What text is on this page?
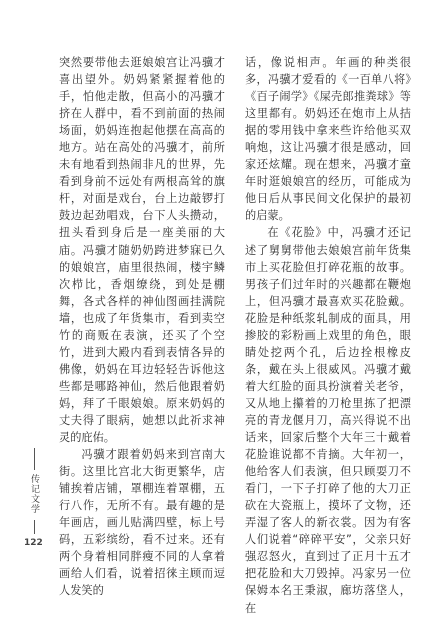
突然要带他去逛娘娘宫让冯骥才喜出望外。奶妈紧紧握着他的手，怕他走散，但高小的冯骥才挤在人群中，看不到前面的热闹场面，奶妈连抱起他摆在高高的地方。站在高处的冯骥才，前所未有地看到热闹非凡的世界，先看到身前不远处有两根高耸的旗杆，对面是戏台，台上边敲锣打鼓边起劲唱戏，台下人头攒动，扭头看到身后是一座美丽的大庙。冯骥才随奶奶跨进梦寐已久的娘娘宫，庙里很热闹，楼宇鳞次栉比，香烟缭绕，到处是棚舞，各式各样的神仙图画挂满院墙，也成了年货集市，看到卖空竹的商贩在表演，还买了个空竹，进到大殿内看到表情各异的佛像，奶妈在耳边轻轻告诉他这些都是哪路神仙，然后他跟着奶妈，拜了千眼娘娘。原来奶妈的丈夫得了眼病，她想以此祈求神灵的庇佑。

冯骥才跟着奶妈来到宫南大街。这里比宫北大街更繁华，店铺挨着店铺，罩棚连着罩棚，五行八作，无所不有。最有趣的是年画店，画儿贴满四壁，标上号码，五彩缤纷，看不过来。还有两个身着相同胖瘦不同的人拿着画给人们看，说着招徕主顾而逗人发笑的

话，像说相声。年画的种类很多，冯骥才爱看的《一百单八将》《百子闹学》《屎壳郎推粪球》等这里都有。奶妈还在炮市上从拮据的零用钱中拿来些许给他买双响炮，这让冯骥才很是感动，回家还炫耀。现在想来，冯骥才童年时逛娘娘宫的经历，可能成为他日后从事民间文化保护的最初的启蒙。

在《花脸》中，冯骥才还记述了舅舅带他去娘娘宫前年货集市上买花脸但打碎花瓶的故事。男孩子们过年时的兴趣都在鞭炮上，但冯骥才最喜欢买花脸戴。花脸是种纸浆轧制成的面具，用掺胶的彩粉画上戏里的角色，眼睛处挖两个孔，后边拴根橡皮条，戴在头上很威风。冯骥才戴着大红脸的面具扮演着关老爷，又从地上攥着的刀枪里拣了把漂亮的青龙偃月刀，高兴得说不出话来，回家后整个大年三十戴着花脸谁说都不肯摘。大年初一，他给客人们表演，但只顾耍刀不看门，一下子打碎了他的大刀正砍在大瓷瓶上，摸坏了文物，还弄湿了客人的新衣裳。因为有客人们说着“碎碎平安”，父亲只好强忍怒火，直到过了正月十五才把花脸和大刀毁掉。冯家另一位保姆本名王秉淑，廊坊落垡人，在

传记文学
122
